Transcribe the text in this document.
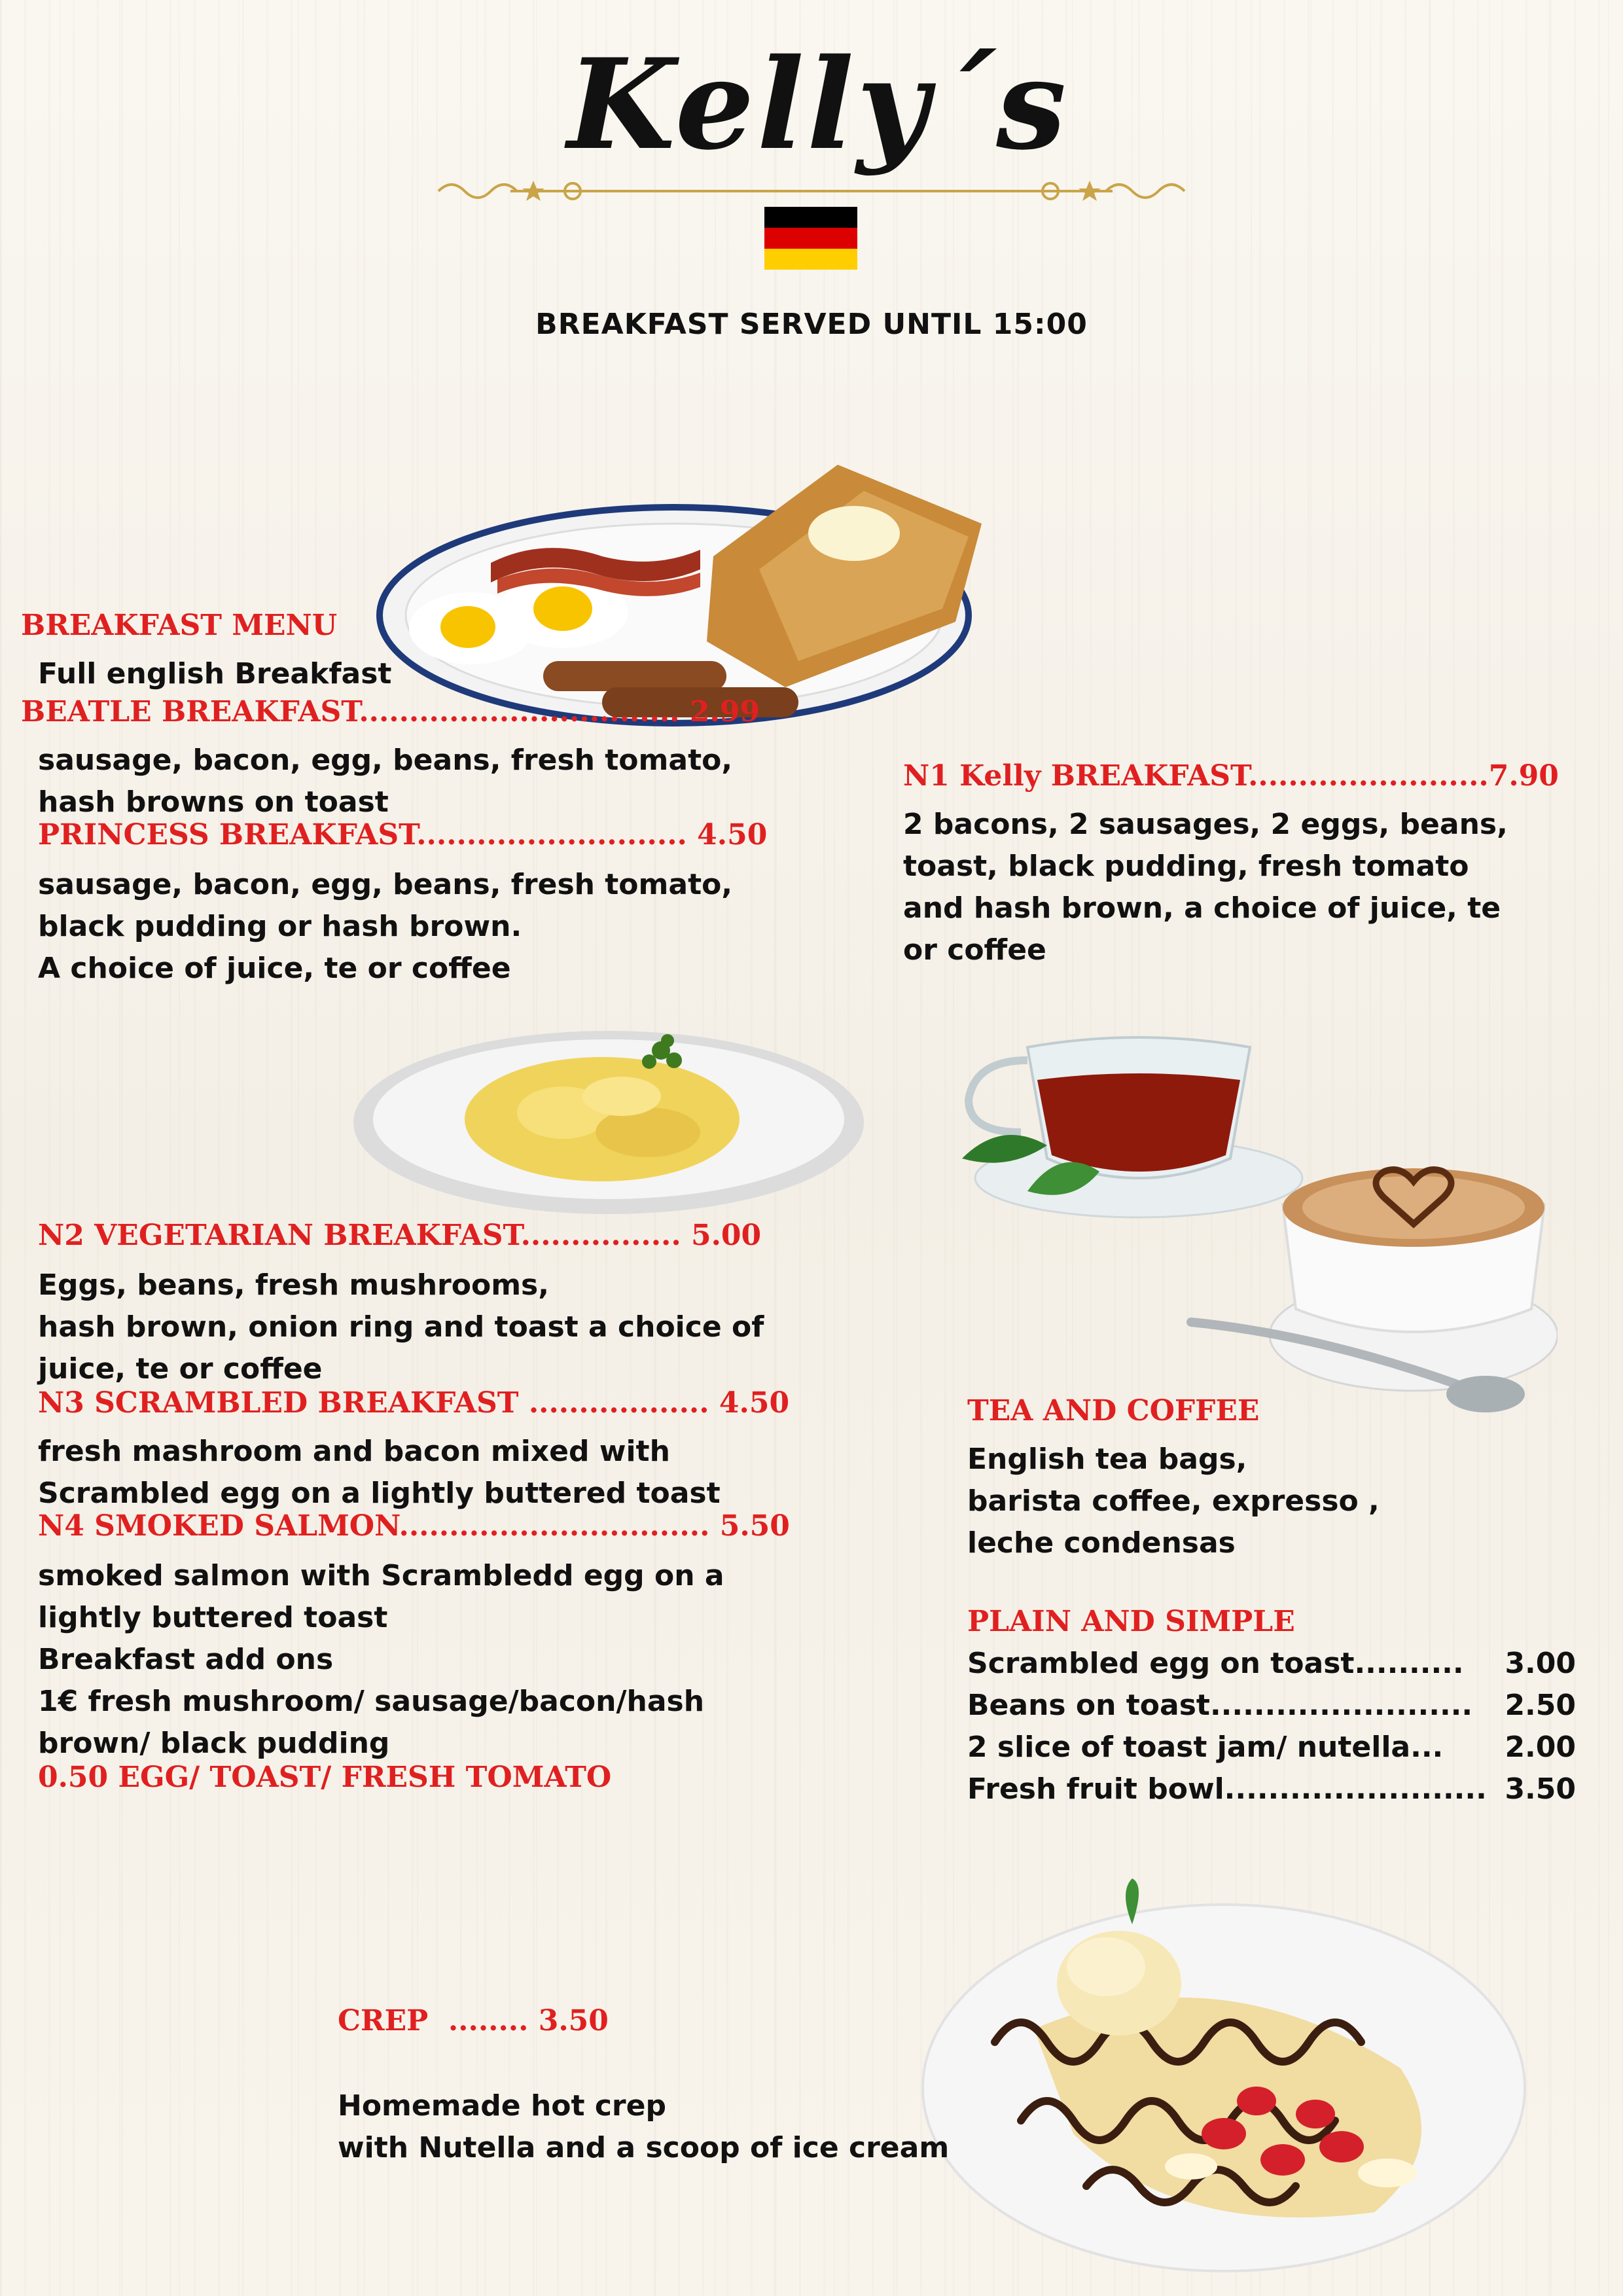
Kelly´s
BREAKFAST SERVED UNTIL 15:00
BREAKFAST MENU
Full english Breakfast
BEATLE BREAKFAST................................ 2.99
sausage, bacon, egg, beans, fresh tomato,
hash browns on toast
PRINCESS BREAKFAST........................... 4.50
sausage, bacon, egg, beans, fresh tomato,
black pudding or hash brown.
A choice of juice, te or coffee
N1 Kelly BREAKFAST........................7.90
2 bacons, 2 sausages, 2 eggs, beans,
toast, black pudding, fresh tomato
and hash brown, a choice of juice, te
or coffee
N2 VEGETARIAN BREAKFAST................ 5.00
Eggs, beans, fresh mushrooms,
hash brown, onion ring and toast a choice of
juice, te or coffee
N3 SCRAMBLED BREAKFAST .................. 4.50
fresh mashroom and bacon mixed with
Scrambled egg on a lightly buttered toast
N4 SMOKED SALMON............................... 5.50
smoked salmon with Scrambledd egg on a
lightly buttered toast
Breakfast add ons
1€ fresh mushroom/ sausage/bacon/hash
brown/ black pudding
0.50 EGG/ TOAST/ FRESH TOMATO
TEA AND COFFEE
English tea bags,
barista coffee, expresso ,
leche condensas
PLAIN AND SIMPLE
Scrambled egg on toast ..........	3.00
Beans on toast ........................	2.50
2 slice of toast jam/ nutella ...	2.00
Fresh fruit bowl ........................ 3.50
CREP ........ 3.50
Homemade hot crep
with Nutella and a scoop of ice cream
